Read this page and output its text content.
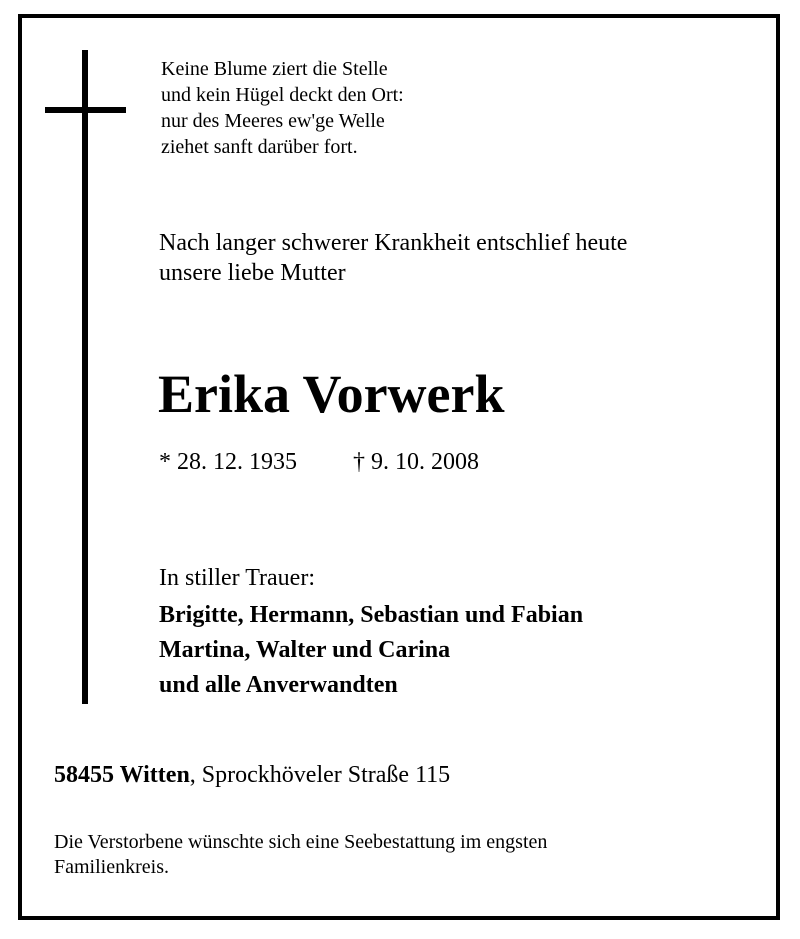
Keine Blume ziert die Stelle
und kein Hügel deckt den Ort:
nur des Meeres ew'ge Welle
ziehet sanft darüber fort.
Nach langer schwerer Krankheit entschlief heute
unsere liebe Mutter
Erika Vorwerk
* 28. 12. 1935 † 9. 10. 2008
In stiller Trauer:
Brigitte, Hermann, Sebastian und Fabian
Martina, Walter und Carina
und alle Anverwandten
58455 Witten, Sprockhöveler Straße 115
Die Verstorbene wünschte sich eine Seebestattung im engsten
Familienkreis.
